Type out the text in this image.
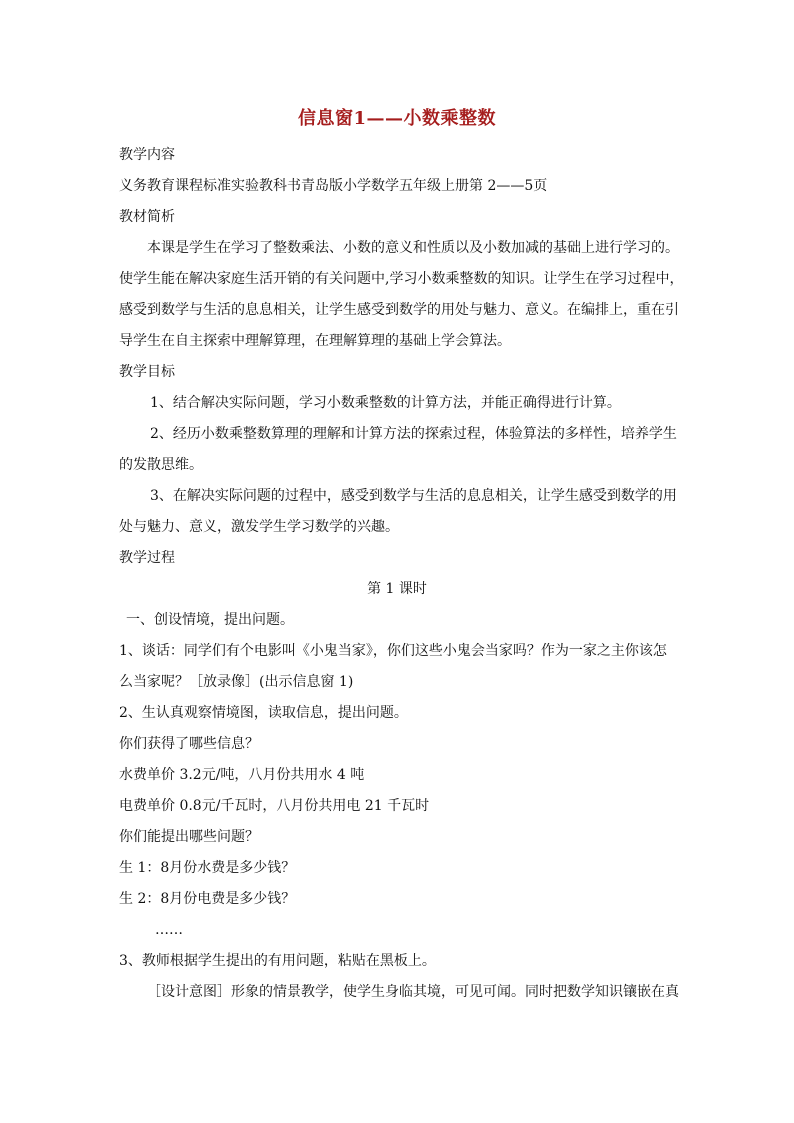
信息窗1——小数乘整数
教学内容
义务教育课程标准实验教科书青岛版小学数学五年级上册第 2——5页
教材简析
本课是学生在学习了整数乘法、小数的意义和性质以及小数加减的基础上进行学习的。
使学生能在解决家庭生活开销的有关问题中,学习小数乘整数的知识。让学生在学习过程中，
感受到数学与生活的息息相关，让学生感受到数学的用处与魅力、意义。在编排上，重在引
导学生在自主探索中理解算理，在理解算理的基础上学会算法。
教学目标
1、结合解决实际问题，学习小数乘整数的计算方法，并能正确得进行计算。
2、经历小数乘整数算理的理解和计算方法的探索过程，体验算法的多样性，培养学生
的发散思维。
3、在解决实际问题的过程中，感受到数学与生活的息息相关，让学生感受到数学的用
处与魅力、意义，激发学生学习数学的兴趣。
教学过程
第 1 课时
一、创设情境，提出问题。
1、谈话：同学们有个电影叫《小鬼当家》，你们这些小鬼会当家吗？作为一家之主你该怎
么当家呢？［放录像］(出示信息窗 1)
2、生认真观察情境图，读取信息，提出问题。
你们获得了哪些信息？
水费单价 3.2元/吨，八月份共用水 4 吨
电费单价 0.8元/千瓦时，八月份共用电 21 千瓦时
你们能提出哪些问题？
生 1：8月份水费是多少钱？
生 2：8月份电费是多少钱？
……
3、教师根据学生提出的有用问题，粘贴在黑板上。
［设计意图］形象的情景教学，使学生身临其境，可见可闻。同时把数学知识镶嵌在真
